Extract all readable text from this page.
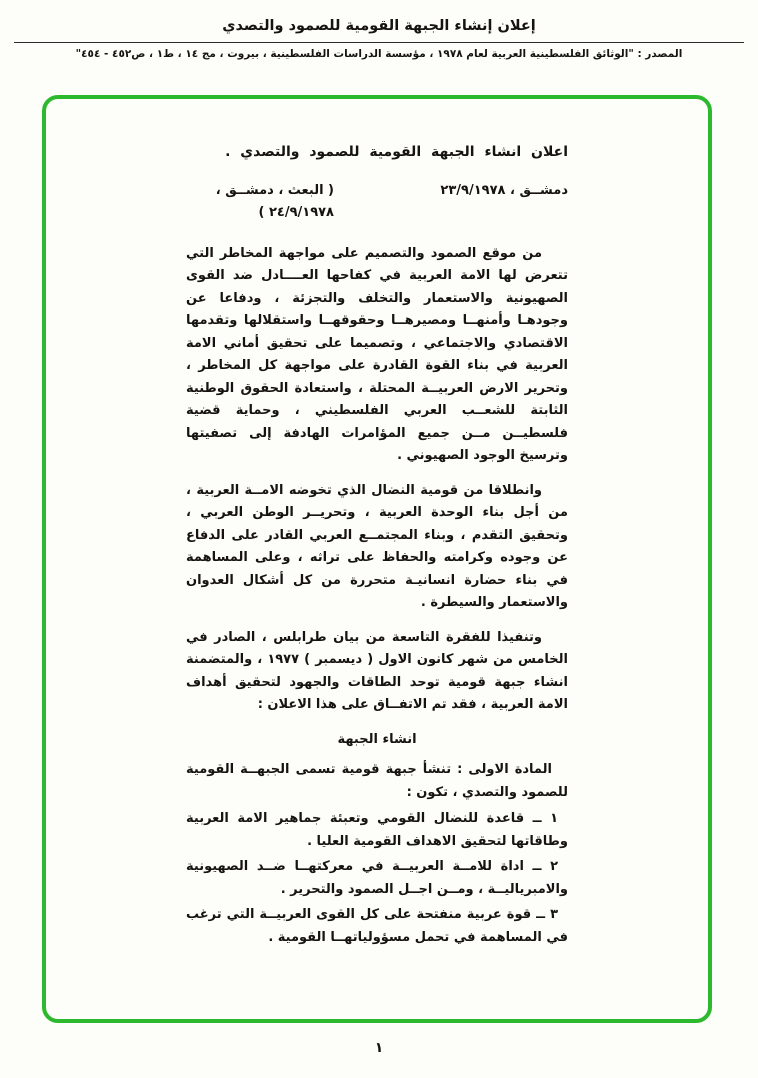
إعلان إنشاء الجبهة القومية للصمود والتصدي
المصدر : "الوثائق الفلسطينية العربية لعام ١٩٧٨ ، مؤسسة الدراسات الفلسطينية ، بيروت ، مج ١٤ ، ط١ ، ص٤٥٢ - ٤٥٤"
اعلان انشاء الجبهة القومية للصمود والتصدي .
دمشــق ، ٢٣/٩/١٩٧٨
( البعث ، دمشــق ، ٢٤/٩/١٩٧٨ )

من موقع الصمود والتصميم على مواجهة المخاطر التي تتعرض لها الامة العربية في كفاحها العــــادل ضد القوى الصهيونية والاستعمار والتخلف والتجزئة ، ودفاعا عن وجودهـا وأمنهــا ومصيرهــا وحقوقهــا واستقلالها وتقدمها الاقتصادي والاجتماعي ، وتصميما على تحقيق أماني الامة العربية في بناء القوة القادرة على مواجهة كل المخاطر ، وتحرير الارض العربيــة المحتلة ، واستعادة الحقوق الوطنية الثابتة للشعــب العربي الفلسطيني ، وحماية قضية فلسطيــن مــن جميع المؤامرات الهادفة إلى تصفيتها وترسيخ الوجود الصهيوني .

وانطلاقا من قومية النضال الذي تخوضه الامــة العربية ، من أجل بناء الوحدة العربية ، وتحريــر الوطن العربي ، وتحقيق التقدم ، وبناء المجتمــع العربي القادر على الدفاع عن وجوده وكرامته والحفاظ على تراثه ، وعلى المساهمة في بناء حضارة انسانيـة متحررة من كل أشكال العدوان والاستعمار والسيطرة .

وتنفيذا للفقرة التاسعة من بيان طرابلس ، الصادر في الخامس من شهر كانون الاول ( ديسمبر ) ١٩٧٧ ، والمتضمنة انشاء جبهة قومية توحد الطاقات والجهود لتحقيق أهداف الامة العربية ، فقد تم الاتفــاق على هذا الاعلان :

انشاء الجبهة

المادة الاولى : تنشأ جبهة قومية تسمى الجبهــة القومية للصمود والتصدي ، تكون :

١ ــ قاعدة للنضال القومي وتعبئة جماهير الامة العربية وطاقاتها لتحقيق الاهداف القومية العليا .

٢ ــ اداة للامــة العربيــة في معركتهــا ضــد الصهيونية والامبرياليــة ، ومــن اجــل الصمود والتحرير .

٣ ــ قوة عربية منفتحة على كل القوى العربيــة التي ترغب في المساهمة في تحمل مسؤولياتهــا القومية .

١
